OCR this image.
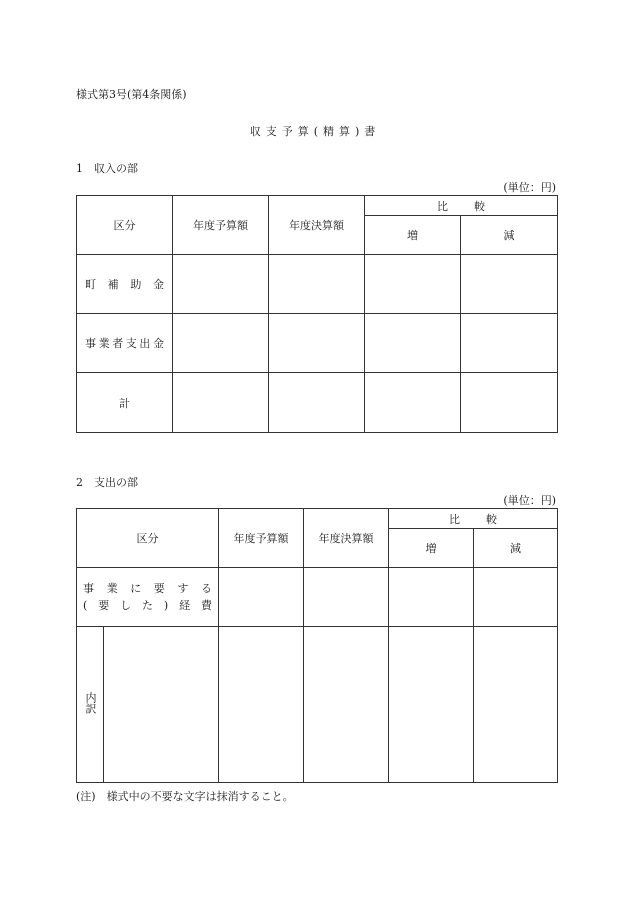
様式第3号(第4条関係)
収支予算(精算)書
1　収入の部
(単位：円)
区分	年度予算額	年度決算額	比較	
			増	減
町補助金				
事業者支出金				
計				
2　支出の部
(単位：円)
区分		年度予算額	年度決算額	比較	
				増	減

事業に要する
(要した)経費					

内訳					
(注)　様式中の不要な文字は抹消すること。
